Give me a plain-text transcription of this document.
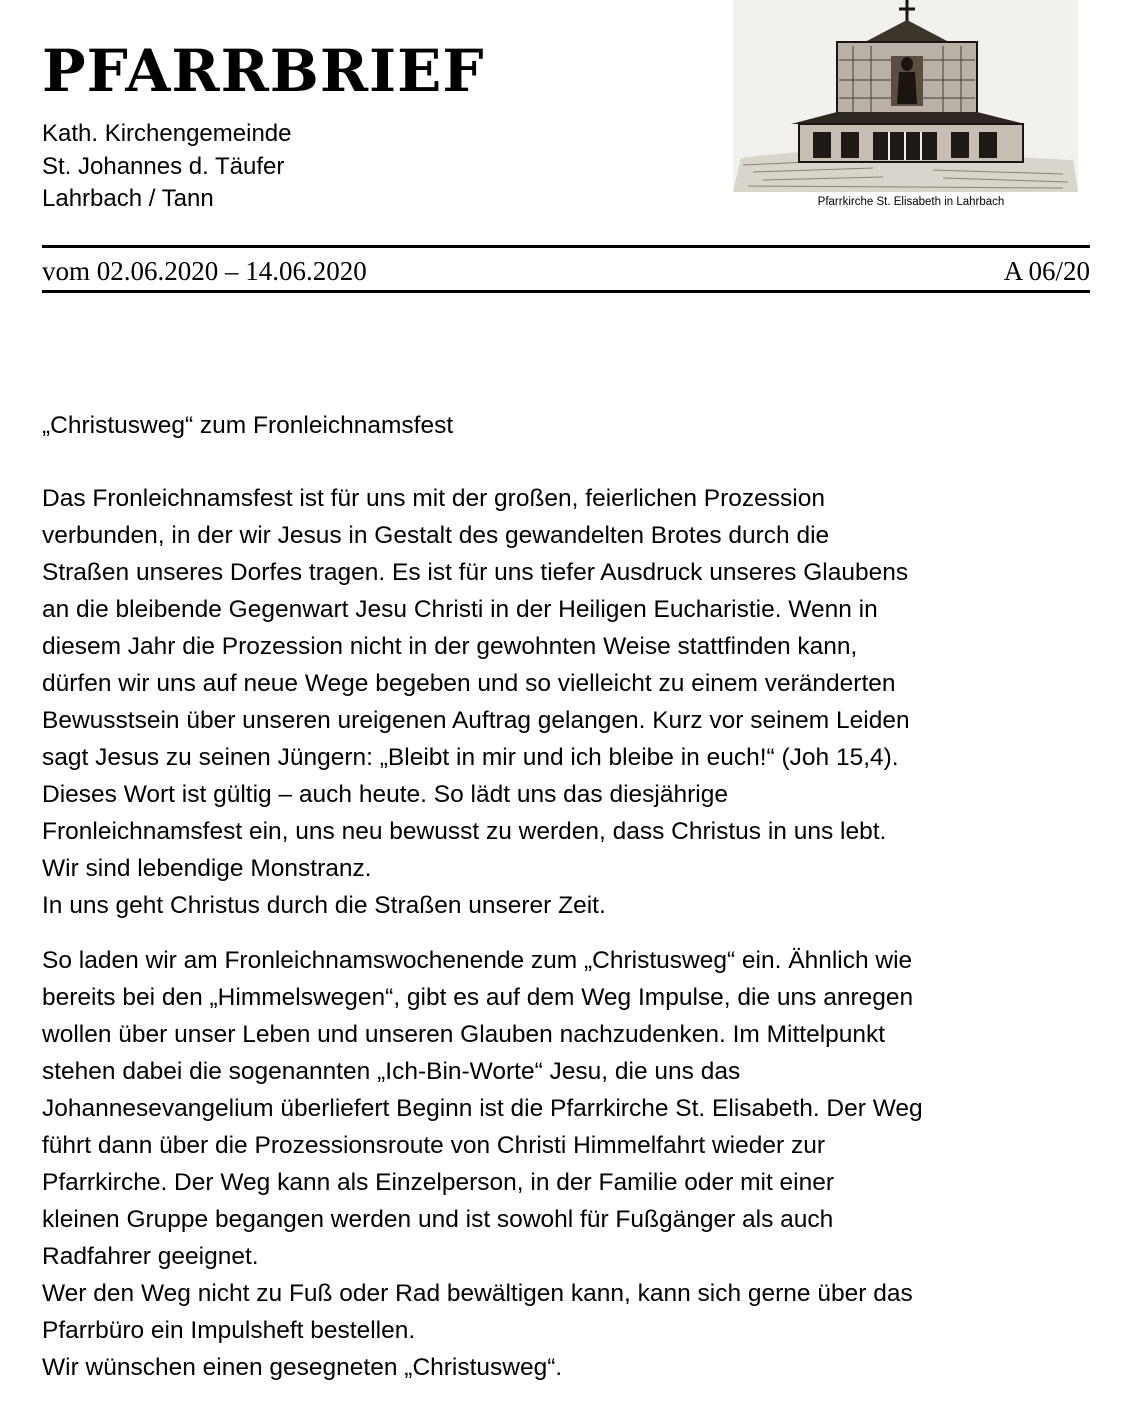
PFARRBRIEF
Kath. Kirchengemeinde
St. Johannes d. Täufer
Lahrbach / Tann	Pfarrkirche St. Elisabeth in Lahrbach
vom 02.06.2020 – 14.06.2020	A 06/20
„Christusweg“ zum Fronleichnamsfest
Das Fronleichnamsfest ist für uns mit der großen, feierlichen Prozession
verbunden, in der wir Jesus in Gestalt des gewandelten Brotes durch die
Straßen unseres Dorfes tragen. Es ist für uns tiefer Ausdruck unseres Glaubens
an die bleibende Gegenwart Jesu Christi in der Heiligen Eucharistie. Wenn in
diesem Jahr die Prozession nicht in der gewohnten Weise stattfinden kann,
dürfen wir uns auf neue Wege begeben und so vielleicht zu einem veränderten
Bewusstsein über unseren ureigenen Auftrag gelangen. Kurz vor seinem Leiden
sagt Jesus zu seinen Jüngern: „Bleibt in mir und ich bleibe in euch!“ (Joh 15,4).
Dieses Wort ist gültig – auch heute. So lädt uns das diesjährige
Fronleichnamsfest ein, uns neu bewusst zu werden, dass Christus in uns lebt.
Wir sind lebendige Monstranz.
In uns geht Christus durch die Straßen unserer Zeit.
So laden wir am Fronleichnamswochenende zum „Christusweg“ ein. Ähnlich wie
bereits bei den „Himmelswegen“, gibt es auf dem Weg Impulse, die uns anregen
wollen über unser Leben und unseren Glauben nachzudenken. Im Mittelpunkt
stehen dabei die sogenannten „Ich-Bin-Worte“ Jesu, die uns das
Johannesevangelium überliefert Beginn ist die Pfarrkirche St. Elisabeth. Der Weg
führt dann über die Prozessionsroute von Christi Himmelfahrt wieder zur
Pfarrkirche. Der Weg kann als Einzelperson, in der Familie oder mit einer
kleinen Gruppe begangen werden und ist sowohl für Fußgänger als auch
Radfahrer geeignet.
Wer den Weg nicht zu Fuß oder Rad bewältigen kann, kann sich gerne über das
Pfarrbüro ein Impulsheft bestellen.
Wir wünschen einen gesegneten „Christusweg“.
